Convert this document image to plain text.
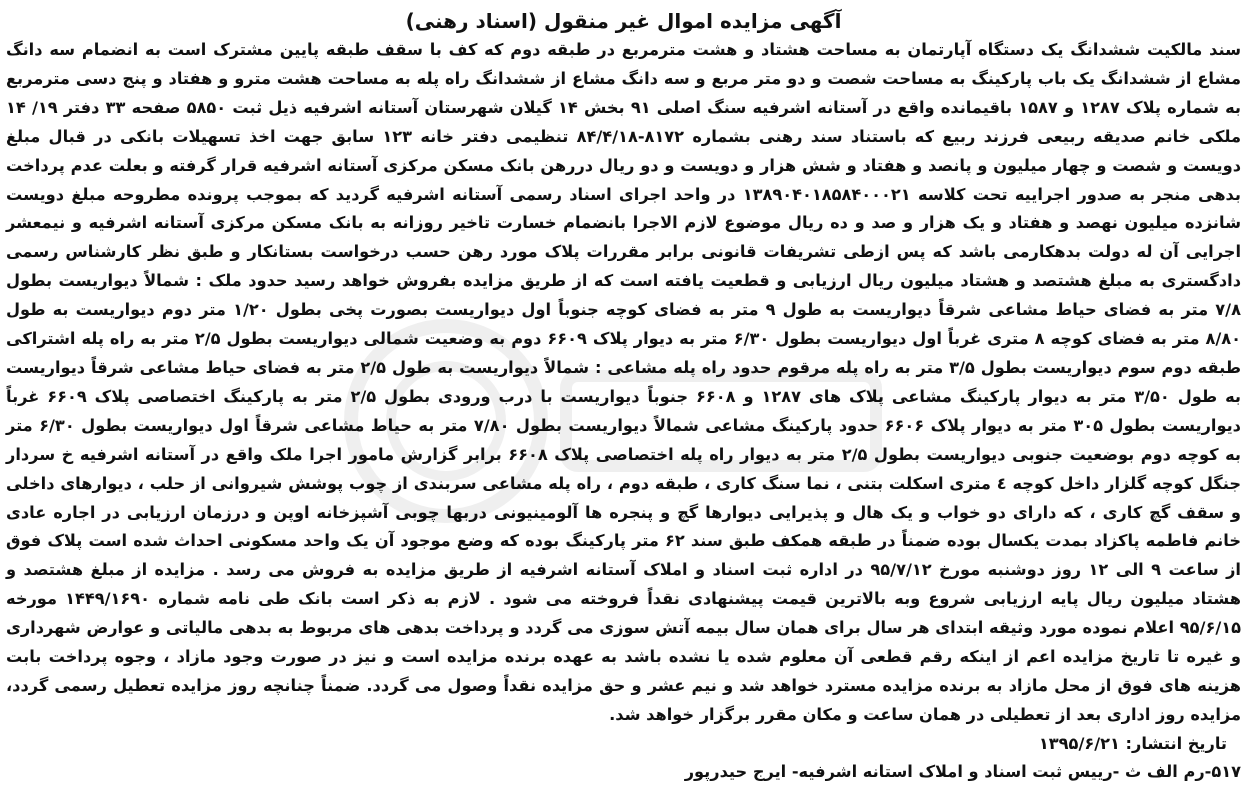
آگهی مزایده اموال غیر منقول (اسناد رهنی)

سند مالکیت ششدانگ یک دستگاه آپارتمان به مساحت هشتاد و هشت مترمربع در طبقه دوم که کف با سقف طبقه پایین مشترک است به انضمام سه دانگ مشاع از ششدانگ یک باب پارکینگ به مساحت شصت و دو متر مربع و سه دانگ مشاع از ششدانگ راه پله به مساحت هشت مترو و هفتاد و پنج دسی مترمربع به شماره پلاک ۱۲۸۷ و ۱۵۸۷ باقیمانده واقع در آستانه اشرفیه سنگ اصلی ۹۱ بخش ۱۴ گیلان شهرستان آستانه اشرفیه ذیل ثبت ۵۸۵۰ صفحه ۳۳ دفتر ۱۹/ ۱۴ ملکی خانم صدیقه ربیعی فرزند ربیع که باستناد سند رهنی بشماره ۸۱۷۲-۸۴/۴/۱۸ تنظیمی دفتر خانه ۱۲۳ سابق جهت اخذ تسهیلات بانکی در قبال مبلغ دویست و شصت و چهار میلیون و پانصد و هفتاد و شش هزار و دویست و دو ریال دررهن بانک مسکن مرکزی آستانه اشرفیه قرار گرفته و بعلت عدم پرداخت بدهی منجر به صدور اجراییه تحت کلاسه ۱۳۸۹۰۴۰۱۸۵۸۴۰۰۰۲۱ در واحد اجرای اسناد رسمی آستانه اشرفیه گردید که بموجب پرونده مطروحه مبلغ دویست شانزده میلیون نهصد و هفتاد و یک هزار و صد و ده ریال موضوع لازم الاجرا بانضمام خسارت تاخیر روزانه به بانک مسکن مرکزی آستانه اشرفیه و نیمعشر اجرایی آن له دولت بدهکارمی باشد که پس ازطی تشریفات قانونی برابر مقررات پلاک مورد رهن حسب درخواست بستانکار و طبق نظر کارشناس رسمی دادگستری به مبلغ هشتصد و هشتاد میلیون ریال ارزیابی و قطعیت یافته است که از طریق مزایده بفروش خواهد رسید حدود ملک : شمالاً دیواریست بطول ۷/۸ متر به فضای حیاط مشاعی شرقاً دیواریست به طول ۹ متر به فضای کوچه جنوباً اول دیواریست بصورت پخی بطول ۱/۲۰ متر دوم دیواریست به طول ۸/۸۰ متر به فضای کوچه ۸ متری غرباً اول دیواریست بطول ۶/۳۰ متر به دیوار پلاک ۶۶۰۹ دوم به وضعیت شمالی دیواریست بطول ۲/۵ متر به راه پله اشتراکی طبقه دوم سوم دیواریست بطول ۳/۵ متر به راه پله مرقوم حدود راه پله مشاعی : شمالاً دیواریست به طول ۲/۵ متر به فضای حیاط مشاعی شرقاً دیواریست به طول ۳/۵۰ متر به دیوار پارکینگ مشاعی پلاک های ۱۲۸۷ و ۶۶۰۸ جنوباً دیواریست با درب ورودی بطول ۲/۵ متر به پارکینگ اختصاصی پلاک ۶۶۰۹ غرباً دیواریست بطول ۳۰۵ متر به دیوار پلاک ۶۶۰۶ حدود پارکینگ مشاعی شمالاً دیواریست بطول ۷/۸۰ متر به حیاط مشاعی شرقاً اول دیواریست بطول ۶/۳۰ متر به کوچه دوم بوضعیت جنوبی دیواریست بطول ۲/۵ متر به دیوار راه پله اختصاصی پلاک ۶۶۰۸ برابر گزارش مامور اجرا ملک واقع در آستانه اشرفیه خ سردار جنگل کوچه گلزار داخل کوچه ٤ متری اسکلت بتنی ، نما سنگ کاری ، طبقه دوم ، راه پله مشاعی سربندی از چوب پوشش شیروانی از حلب ، دیوارهای داخلی و سقف گچ کاری ، که دارای دو خواب و یک هال و پذیرایی دیوارها گچ و پنجره ها آلومینیونی دربها چوبی آشپزخانه اوپن و درزمان ارزیابی در اجاره عادی خانم فاطمه پاکزاد بمدت یکسال بوده ضمناً در طبقه همکف طبق سند ۶۲ متر پارکینگ بوده که وضع موجود آن یک واحد مسکونی احداث شده است پلاک فوق از ساعت ۹ الی ۱۲ روز دوشنبه مورخ ۹۵/۷/۱۲ در اداره ثبت اسناد و املاک آستانه اشرفیه از طریق مزایده به فروش می رسد . مزایده از مبلغ هشتصد و هشتاد میلیون ریال پایه ارزیابی شروع وبه بالاترین قیمت پیشنهادی نقداً فروخته می شود . لازم به ذکر است بانک طی نامه شماره ۱۴۴۹/۱۶۹۰ مورخه ۹۵/۶/۱۵ اعلام نموده مورد وثیقه ابتدای هر سال برای همان سال بیمه آتش سوزی می گردد و پرداخت بدهی های مربوط به بدهی مالیاتی و عوارض شهرداری و غیره تا تاریخ مزایده اعم از اینکه رقم قطعی آن معلوم شده یا نشده باشد به عهده برنده مزایده است و نیز در صورت وجود مازاد ، وجوه پرداخت بابت هزینه های فوق از محل مازاد به برنده مزایده مسترد خواهد شد و نیم عشر و حق مزایده نقداً وصول می گردد. ضمناً چنانچه روز مزایده تعطیل رسمی گردد، مزایده روز اداری بعد از تعطیلی در همان ساعت و مکان مقرر برگزار خواهد شد.

تاریخ انتشار: ۱۳۹۵/۶/۲۱

۵۱۷-رم الف ث -رییس ثبت اسناد و املاک استانه اشرفیه- ایرج حیدرپور
